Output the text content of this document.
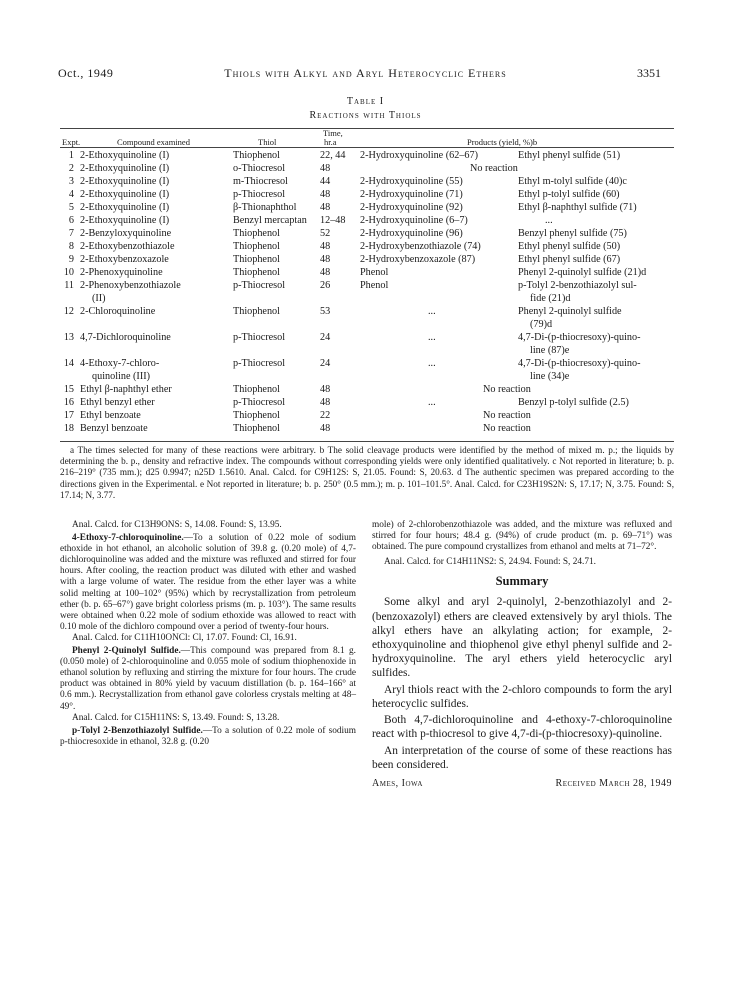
Oct., 1949	Thiols with Alkyl and Aryl Heterocyclic Ethers	3351
Table I
Reactions with Thiols
Expt.	Compound examined	Thiol
Time,
hr.a	Products (yield, %)b
1 2-Ethoxyquinoline (I)	Thiophenol	22, 44 2-Hydroxyquinoline (62–67)	Ethyl phenyl sulfide (51)
2 2-Ethoxyquinoline (I)	o-Thiocresol	48	No reaction
3 2-Ethoxyquinoline (I)	m-Thiocresol	44	2-Hydroxyquinoline (55)	Ethyl m-tolyl sulfide (40)c
4 2-Ethoxyquinoline (I)	p-Thiocresol	48	2-Hydroxyquinoline (71)	Ethyl p-tolyl sulfide (60)
5 2-Ethoxyquinoline (I)	β-Thionaphthol 48	2-Hydroxyquinoline (92)	Ethyl β-naphthyl sulfide (71)
6 2-Ethoxyquinoline (I)	Benzyl mercaptan 12–48 2-Hydroxyquinoline (6–7)	...
7 2-Benzyloxyquinoline	Thiophenol	52	2-Hydroxyquinoline (96)	Benzyl phenyl sulfide (75)
8 2-Ethoxybenzothiazole	Thiophenol	48	2-Hydroxybenzothiazole (74)	Ethyl phenyl sulfide (50)
9 2-Ethoxybenzoxazole	Thiophenol	48	2-Hydroxybenzoxazole (87)	Ethyl phenyl sulfide (67)
10 2-Phenoxyquinoline	Thiophenol	48	Phenol	Phenyl 2-quinolyl sulfide (21)d
11 2-Phenoxybenzothiazole
(II)
p-Thiocresol	26	Phenol	p-Tolyl 2-benzothiazolyl sul-
fide (21)d
12 2-Chloroquinoline	Thiophenol	53	...	Phenyl 2-quinolyl sulfide
(79)d
13 4,7-Dichloroquinoline	p-Thiocresol	24	...	4,7-Di-(p-thiocresoxy)-quino-
line (87)e
14 4-Ethoxy-7-chloro-
quinoline (III)
p-Thiocresol	24	...	4,7-Di-(p-thiocresoxy)-quino-
line (34)e
15 Ethyl β-naphthyl ether	Thiophenol	48	No reaction
16 Ethyl benzyl ether	p-Thiocresol	48	...	Benzyl p-tolyl sulfide (2.5)
17 Ethyl benzoate	Thiophenol	22	No reaction
18 Benzyl benzoate	Thiophenol	48	No reaction
a The times selected for many of these reactions were arbitrary. b The solid cleavage products were identified by the method of mixed m. p.; the liquids by determining the b. p., density and refractive index. The compounds without corresponding yields were only identified qualitatively. c Not reported in literature; b. p. 216–219° (735 mm.); d25 0.9947; n25D 1.5610. Anal. Calcd. for C9H12S: S, 21.05. Found: S, 20.63. d The authentic specimen was prepared according to the directions given in the Experimental. e Not reported in literature; b. p. 250° (0.5 mm.); m. p. 101–101.5°. Anal. Calcd. for C23H19S2N: S, 17.17; N, 3.75. Found: S, 17.14; N, 3.77.

Anal. Calcd. for C13H9ONS: S, 14.08. Found: S, 13.95.

4-Ethoxy-7-chloroquinoline.—To a solution of 0.22 mole of sodium ethoxide in hot ethanol, an alcoholic solution of 39.8 g. (0.20 mole) of 4,7-dichloroquinoline was added and the mixture was refluxed and stirred for four hours. After cooling, the reaction product was diluted with ether and washed with a large volume of water. The residue from the ether layer was a white solid melting at 100–102° (95%) which by recrystallization from petroleum ether (b. p. 65–67°) gave bright colorless prisms (m. p. 103°). The same results were obtained when 0.22 mole of sodium ethoxide was allowed to react with 0.10 mole of the dichloro compound over a period of twenty-four hours.

Anal. Calcd. for C11H10ONCl: Cl, 17.07. Found: Cl, 16.91.

Phenyl 2-Quinolyl Sulfide.—This compound was prepared from 8.1 g. (0.050 mole) of 2-chloroquinoline and 0.055 mole of sodium thiophenoxide in ethanol solution by refluxing and stirring the mixture for four hours. The crude product was obtained in 80% yield by vacuum distillation (b. p. 164–166° at 0.6 mm.). Recrystallization from ethanol gave colorless crystals melting at 48–49°.

Anal. Calcd. for C15H11NS: S, 13.49. Found: S, 13.28.

p-Tolyl 2-Benzothiazolyl Sulfide.—To a solution of 0.22 mole of sodium p-thiocresoxide in ethanol, 32.8 g. (0.20

mole) of 2-chlorobenzothiazole was added, and the mixture was refluxed and stirred for four hours; 48.4 g. (94%) of crude product (m. p. 69–71°) was obtained. The pure compound crystallizes from ethanol and melts at 71–72°.

Anal. Calcd. for C14H11NS2: S, 24.94. Found: S, 24.71.

Summary

Some alkyl and aryl 2-quinolyl, 2-benzothiazolyl and 2-(benzoxazolyl) ethers are cleaved extensively by aryl thiols. The alkyl ethers have an alkylating action; for example, 2-ethoxyquinoline and thiophenol give ethyl phenyl sulfide and 2-hydroxyquinoline. The aryl ethers yield heterocyclic aryl sulfides.

Aryl thiols react with the 2-chloro compounds to form the aryl heterocyclic sulfides.

Both 4,7-dichloroquinoline and 4-ethoxy-7-chloroquinoline react with p-thiocresol to give 4,7-di-(p-thiocresoxy)-quinoline.

An interpretation of the course of some of these reactions has been considered.

Ames, Iowa	Received March 28, 1949
